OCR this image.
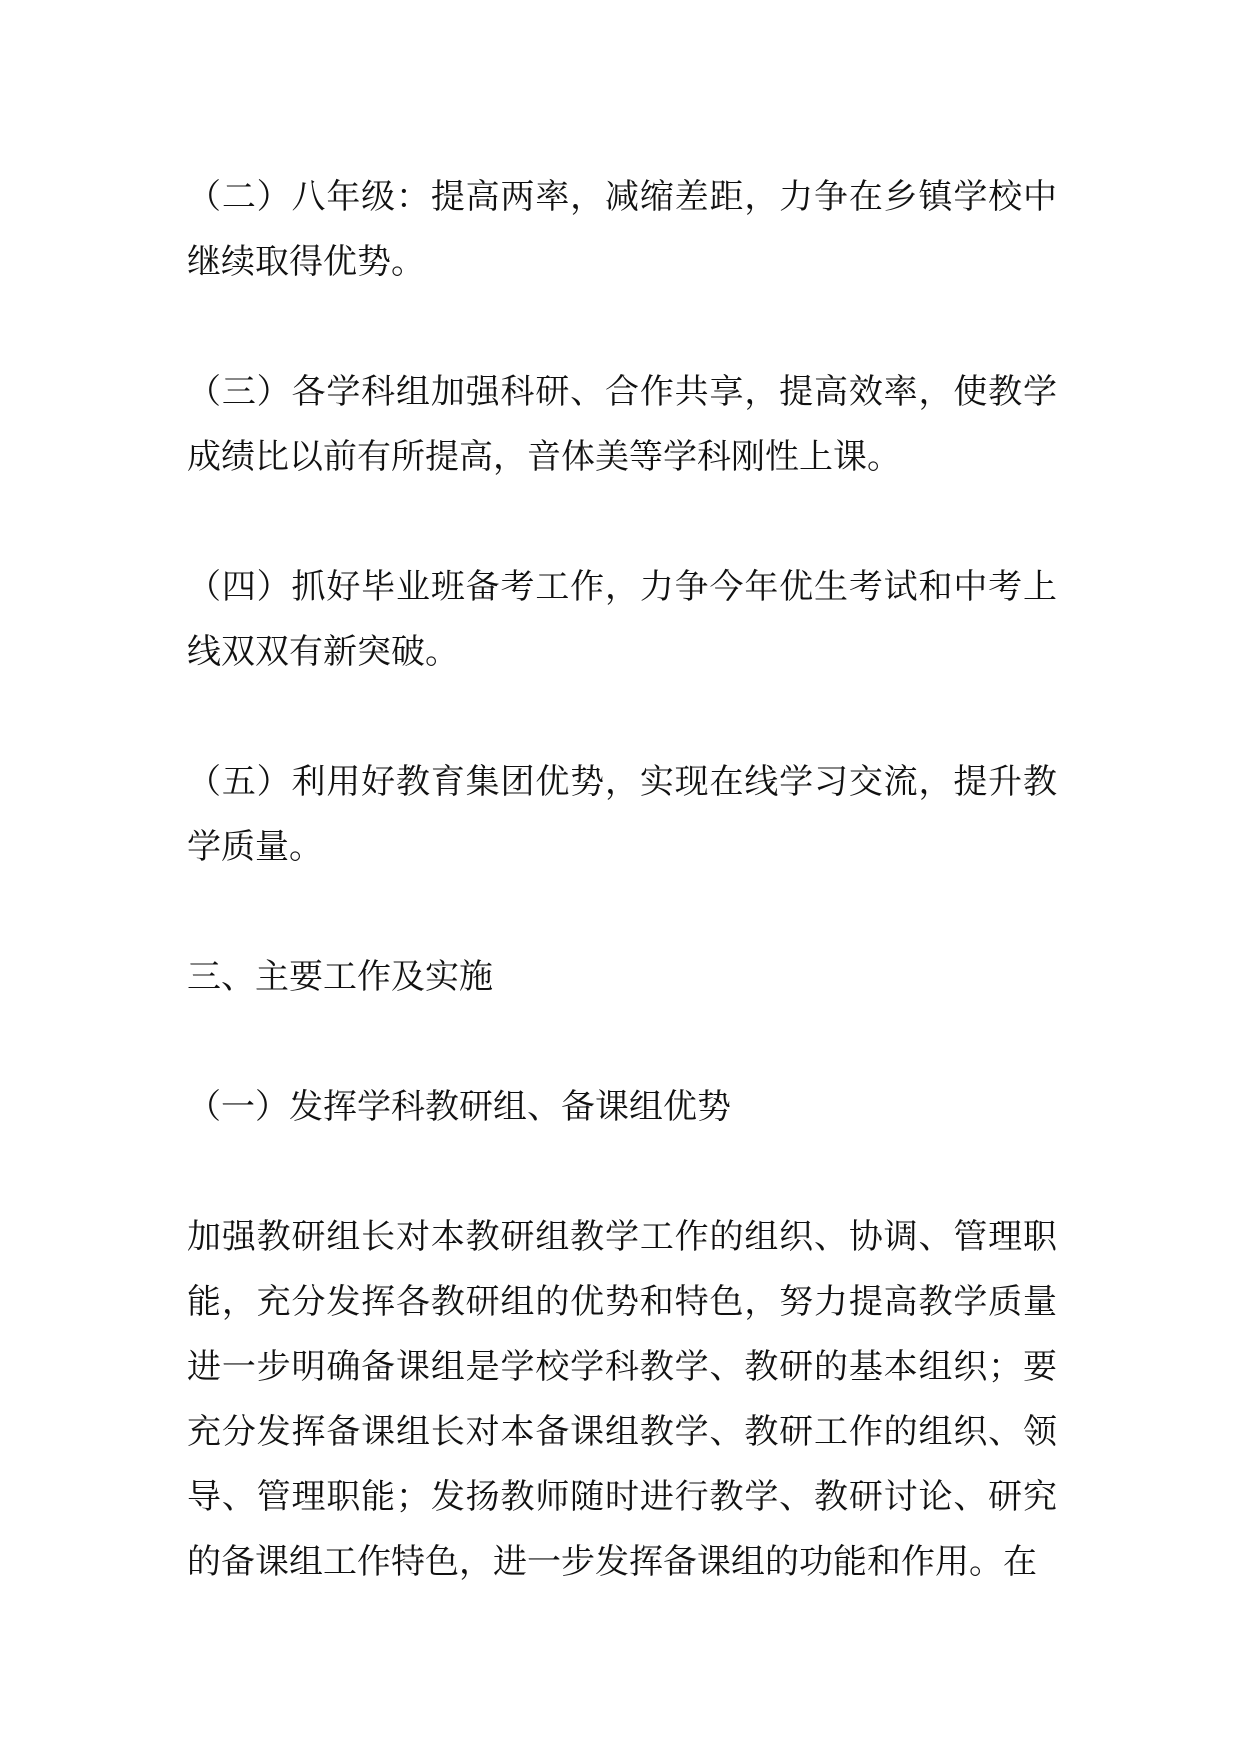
（二）八年级：提高两率，减缩差距，力争在乡镇学校中继续取得优势。

（三）各学科组加强科研、合作共享，提高效率，使教学成绩比以前有所提高，音体美等学科刚性上课。

（四）抓好毕业班备考工作，力争今年优生考试和中考上线双双有新突破。

（五）利用好教育集团优势，实现在线学习交流，提升教学质量。

三、主要工作及实施

（一）发挥学科教研组、备课组优势

加强教研组长对本教研组教学工作的组织、协调、管理职能，充分发挥各教研组的优势和特色，努力提高教学质量进一步明确备课组是学校学科教学、教研的基本组织；要充分发挥备课组长对本备课组教学、教研工作的组织、领导、管理职能；发扬教师随时进行教学、教研讨论、研究的备课组工作特色，进一步发挥备课组的功能和作用。在
